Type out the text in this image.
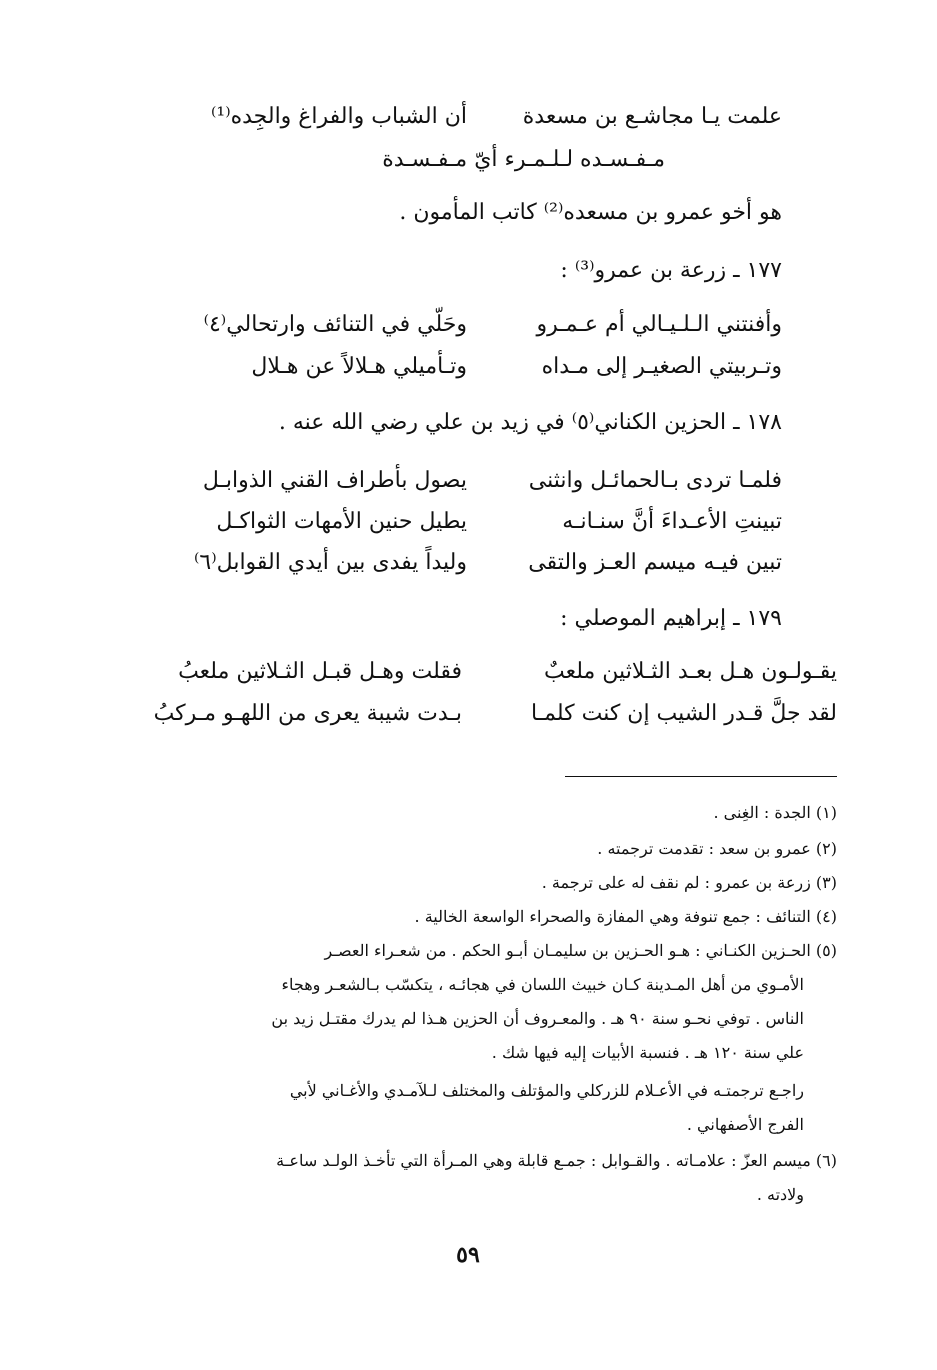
علمت يـا مجاشـع بن مسعدة
أن الشباب والفراغ والجِده⁽¹⁾
مـفـسـده لـلـمـرء أيّ مـفـسـدة
هو أخو عمرو بن مسعده⁽²⁾ كاتب المأمون .
١٧٧ ـ زرعة بن عمرو⁽³⁾ :
وأفنتني الـلـيـالي أم عـمـرو
وحَلّي في التنائف وارتحالي⁽٤⁾
وتـربيتي الصغيـر إلى مـداه
وتـأميلي هـلالاً عن هـلال
١٧٨ ـ الحزين الكناني⁽٥⁾ في زيد بن علي رضي الله عنه .
فلمـا تردى بـالحمائـل وانثنى
يصول بأطراف القني الذوابـل
تبينتِ الأعـداءَ أنَّ سنـانـه
يطيل حنين الأمهات الثواكـل
تبين فيـه ميسم العـز والتقى
وليداً يفدى بين أيدي القوابل⁽٦⁾
١٧٩ ـ إبراهيم الموصلي :
يقـولـون هـل بعـد الثـلاثين ملعبٌ
فقلت وهـل قبـل الثـلاثين ملعبُ
لقد جلَّ قـدر الشيب إن كنت كلمـا
بـدت شيبة يعرى من اللهـو مـركبُ
(١) الجدة : الغِنى .
(٢) عمرو بن سعد : تقدمت ترجمته .
(٣) زرعة بن عمرو : لم نقف له على ترجمة .
(٤) التنائف : جمع تنوفة وهي المفازة والصحراء الواسعة الخالية .
(٥) الحـزين الكنـاني : هـو الحـزين بن سليمـان أبـو الحكم . من شعـراء العصـر
الأمـوي من أهل المـدينة كـان خبيث اللسان في هجائـه ، يتكسّب بـالشعـر وهجاء
الناس . توفي نحـو سنة ٩٠ هـ . والمعـروف أن الحزين هـذا لم يدرك مقتـل زيد بن
علي سنة ١٢٠ هـ . فنسبة الأبيات إليه فيها شك .
راجـع ترجمتـه في الأعـلام للزركلي والمؤتلف والمختلف لـلآمـدي والأغـاني لأبي
الفرج الأصفهاني .
(٦) ميسم العزّ : علامـاته . والقـوابل : جمـع قابلة وهي المـرأة التي تأخـذ الولـد ساعـة
ولادته .
٥٩
